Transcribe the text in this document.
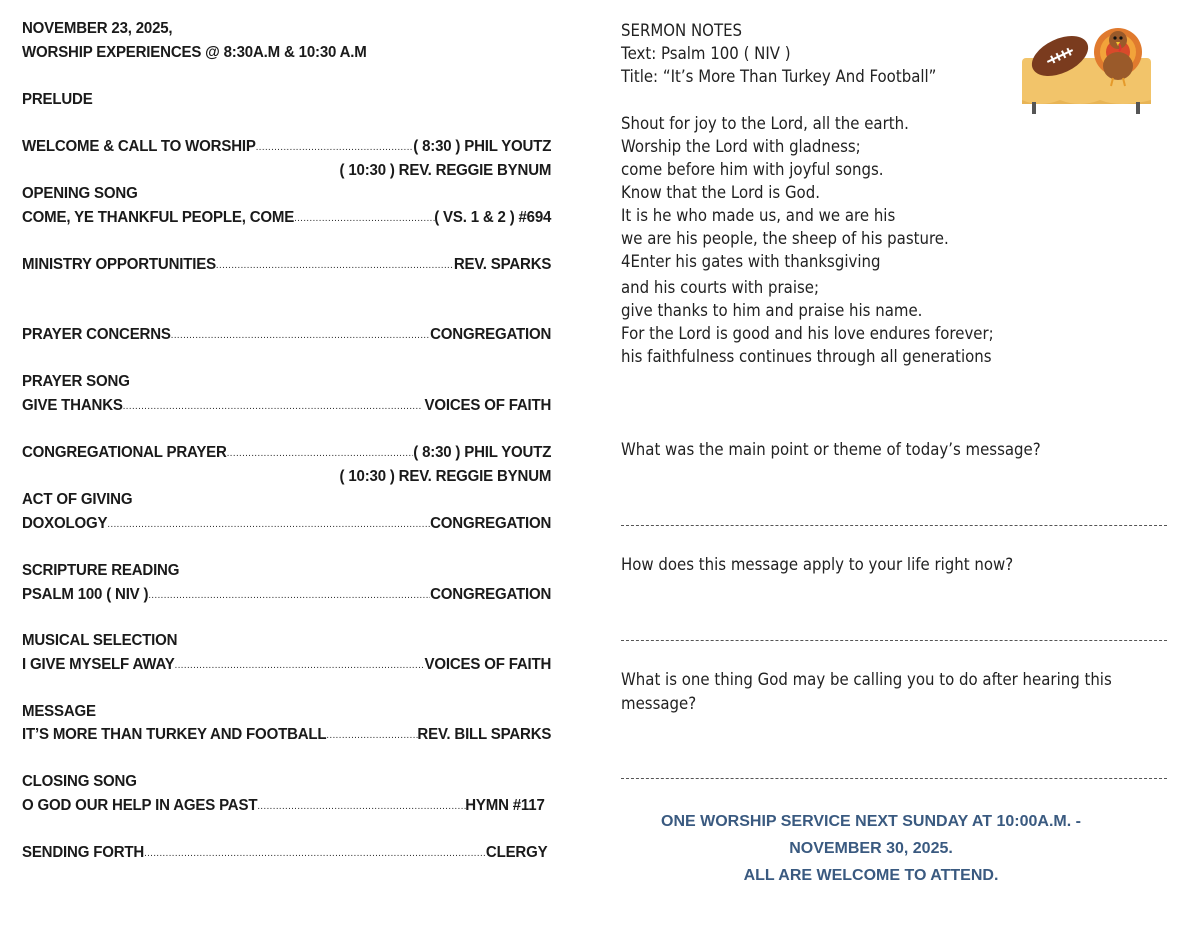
NOVEMBER 23, 2025,
WORSHIP EXPERIENCES @ 8:30A.M & 10:30 A.M
PRELUDE
WELCOME & CALL TO WORSHIP .....	( 8:30 ) PHIL YOUTZ
( 10:30 ) REV. REGGIE BYNUM
OPENING SONG
COME, YE THANKFUL PEOPLE, COME .....	( VS. 1 & 2 ) #694
MINISTRY OPPORTUNITIES .....	REV. SPARKS
PRAYER CONCERNS .....	CONGREGATION
PRAYER SONG
GIVE THANKS .....	VOICES OF FAITH
CONGREGATIONAL PRAYER .....	( 8:30 ) PHIL YOUTZ
( 10:30 ) REV. REGGIE BYNUM
ACT OF GIVING
DOXOLOGY .....	CONGREGATION
SCRIPTURE READING
PSALM 100 ( NIV ) .....	CONGREGATION
MUSICAL SELECTION
I GIVE MYSELF AWAY .....	VOICES OF FAITH
MESSAGE
IT’S MORE THAN TURKEY AND FOOTBALL .....	REV. BILL SPARKS
CLOSING SONG
O GOD OUR HELP IN AGES PAST .....	HYMN #117
SENDING FORTH .....	CLERGY
SERMON NOTES
Text: Psalm 100 ( NIV )
Title: “It’s More Than Turkey And Football”
Shout for joy to the Lord, all the earth.
Worship the Lord with gladness;
come before him with joyful songs.
Know that the Lord is God.
It is he who made us, and we are his
we are his people, the sheep of his pasture.
4Enter his gates with thanksgiving
and his courts with praise;
give thanks to him and praise his name.
For the Lord is good and his love endures forever;
his faithfulness continues through all generations
What was the main point or theme of today’s message?
How does this message apply to your life right now?
What is one thing God may be calling you to do after hearing this message?
ONE WORSHIP SERVICE NEXT SUNDAY AT 10:00A.M. -
NOVEMBER 30, 2025.
ALL ARE WELCOME TO ATTEND.
